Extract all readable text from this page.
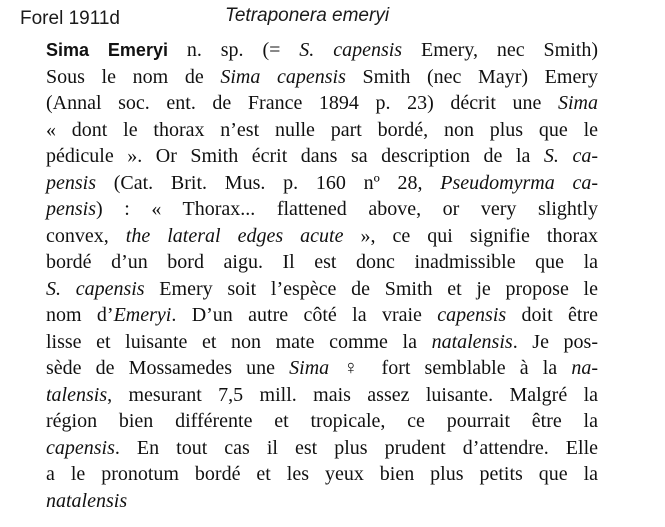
Forel 1911d	Tetraponera emeryi
Sima Emeryi n. sp. (= S. capensis Emery, nec Smith)
Sous le nom de Sima capensis Smith (nec Mayr) Emery
(Annal soc. ent. de France 1894 p. 23) décrit une Sima
« dont le thorax n’est nulle part bordé, non plus que le
pédicule ». Or Smith écrit dans sa description de la S. ca-
pensis (Cat. Brit. Mus. p. 160 nº 28, Pseudomyrma ca-
pensis) : « Thorax... flattened above, or very slightly
convex, the lateral edges acute », ce qui signifie thorax
bordé d’un bord aigu. Il est donc inadmissible que la
S. capensis Emery soit l’espèce de Smith et je propose le
nom d’Emeryi. D’un autre côté la vraie capensis doit être
lisse et luisante et non mate comme la natalensis. Je pos-
sède de Mossamedes une Sima ♀ fort semblable à la na-
talensis, mesurant 7,5 mill. mais assez luisante. Malgré la
région bien différente et tropicale, ce pourrait être la
capensis. En tout cas il est plus prudent d’attendre. Elle
a le pronotum bordé et les yeux bien plus petits que la
natalensis
